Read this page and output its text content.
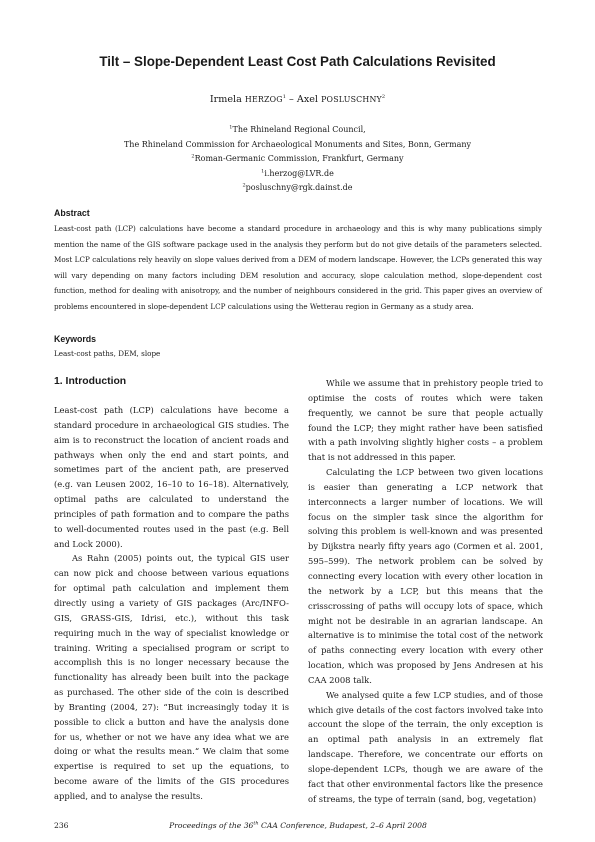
Tilt – Slope-Dependent Least Cost Path Calculations Revisited
Irmela HERZOG$^1$ – Axel POSLUSCHNY$^2$
$^1$The Rhineland Regional Council,
The Rhineland Commission for Archaeological Monuments and Sites, Bonn, Germany
$^2$Roman-Germanic Commission, Frankfurt, Germany
$^1$i.herzog@LVR.de
$^2$posluschny@rgk.dainst.de
Abstract
Least-cost path (LCP) calculations have become a standard procedure in archaeology and this is why many publications simply mention the name of the GIS software package used in the analysis they perform but do not give details of the parameters selected. Most LCP calculations rely heavily on slope values derived from a DEM of modern landscape. However, the LCPs generated this way will vary depending on many factors including DEM resolution and accuracy, slope calculation method, slope-dependent cost function, method for dealing with anisotropy, and the number of neighbours considered in the grid. This paper gives an overview of problems encountered in slope-dependent LCP calculations using the Wetterau region in Germany as a study area.
Keywords
Least-cost paths, DEM, slope
1. Introduction

Least-cost path (LCP) calculations have become a standard procedure in archaeological GIS studies. The aim is to reconstruct the location of ancient roads and pathways when only the end and start points, and sometimes part of the ancient path, are preserved (e.g. van Leusen 2002, 16–10 to 16–18). Alternatively, optimal paths are calculated to understand the principles of path formation and to compare the paths to well-documented routes used in the past (e.g. Bell and Lock 2000).

As Rahn (2005) points out, the typical GIS user can now pick and choose between various equations for optimal path calculation and implement them directly using a variety of GIS packages (Arc/INFO-GIS, GRASS-GIS, Idrisi, etc.), without this task requiring much in the way of specialist knowledge or training. Writing a specialised program or script to accomplish this is no longer necessary because the functionality has already been built into the package as purchased. The other side of the coin is described by Branting (2004, 27): “But increasingly today it is possible to click a button and have the analysis done for us, whether or not we have any idea what we are doing or what the results mean.“ We claim that some expertise is required to set up the equations, to become aware of the limits of the GIS procedures applied, and to analyse the results.

While we assume that in prehistory people tried to optimise the costs of routes which were taken frequently, we cannot be sure that people actually found the LCP; they might rather have been satisfied with a path involving slightly higher costs – a problem that is not addressed in this paper.

Calculating the LCP between two given locations is easier than generating a LCP network that interconnects a larger number of locations. We will focus on the simpler task since the algorithm for solving this problem is well-known and was presented by Dijkstra nearly fifty years ago (Cormen et al. 2001, 595–599). The network problem can be solved by connecting every location with every other location in the network by a LCP, but this means that the crisscrossing of paths will occupy lots of space, which might not be desirable in an agrarian landscape. An alternative is to minimise the total cost of the network of paths connecting every location with every other location, which was proposed by Jens Andresen at his CAA 2008 talk.

We analysed quite a few LCP studies, and of those which give details of the cost factors involved take into account the slope of the terrain, the only exception is an optimal path analysis in an extremely flat landscape. Therefore, we concentrate our efforts on slope-dependent LCPs, though we are aware of the fact that other environmental factors like the presence of streams, the type of terrain (sand, bog, vegetation)

236	Proceedings of the 36th CAA Conference, Budapest, 2–6 April 2008
